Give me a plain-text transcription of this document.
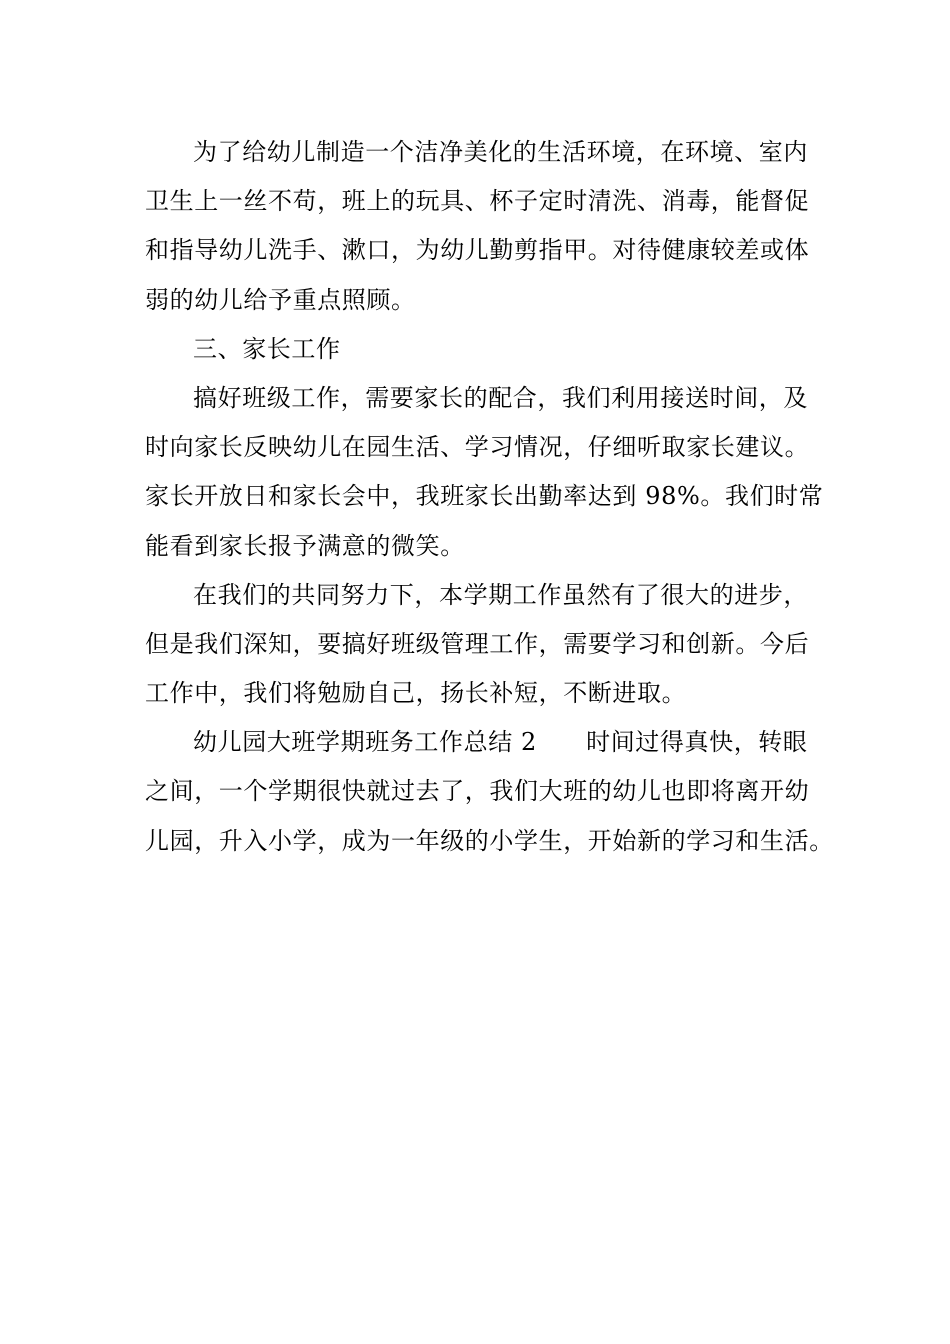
为了给幼儿制造一个洁净美化的生活环境，在环境、室内
卫生上一丝不苟，班上的玩具、杯子定时清洗、消毒，能督促
和指导幼儿洗手、漱口，为幼儿勤剪指甲。对待健康较差或体
弱的幼儿给予重点照顾。
三、家长工作
搞好班级工作，需要家长的配合，我们利用接送时间，及
时向家长反映幼儿在园生活、学习情况，仔细听取家长建议。
家长开放日和家长会中，我班家长出勤率达到 98%。我们时常
能看到家长报予满意的微笑。
在我们的共同努力下，本学期工作虽然有了很大的进步，
但是我们深知，要搞好班级管理工作，需要学习和创新。今后
工作中，我们将勉励自己，扬长补短，不断进取。
幼儿园大班学期班务工作总结 2　　时间过得真快，转眼
之间，一个学期很快就过去了，我们大班的幼儿也即将离开幼
儿园，升入小学，成为一年级的小学生，开始新的学习和生活。
